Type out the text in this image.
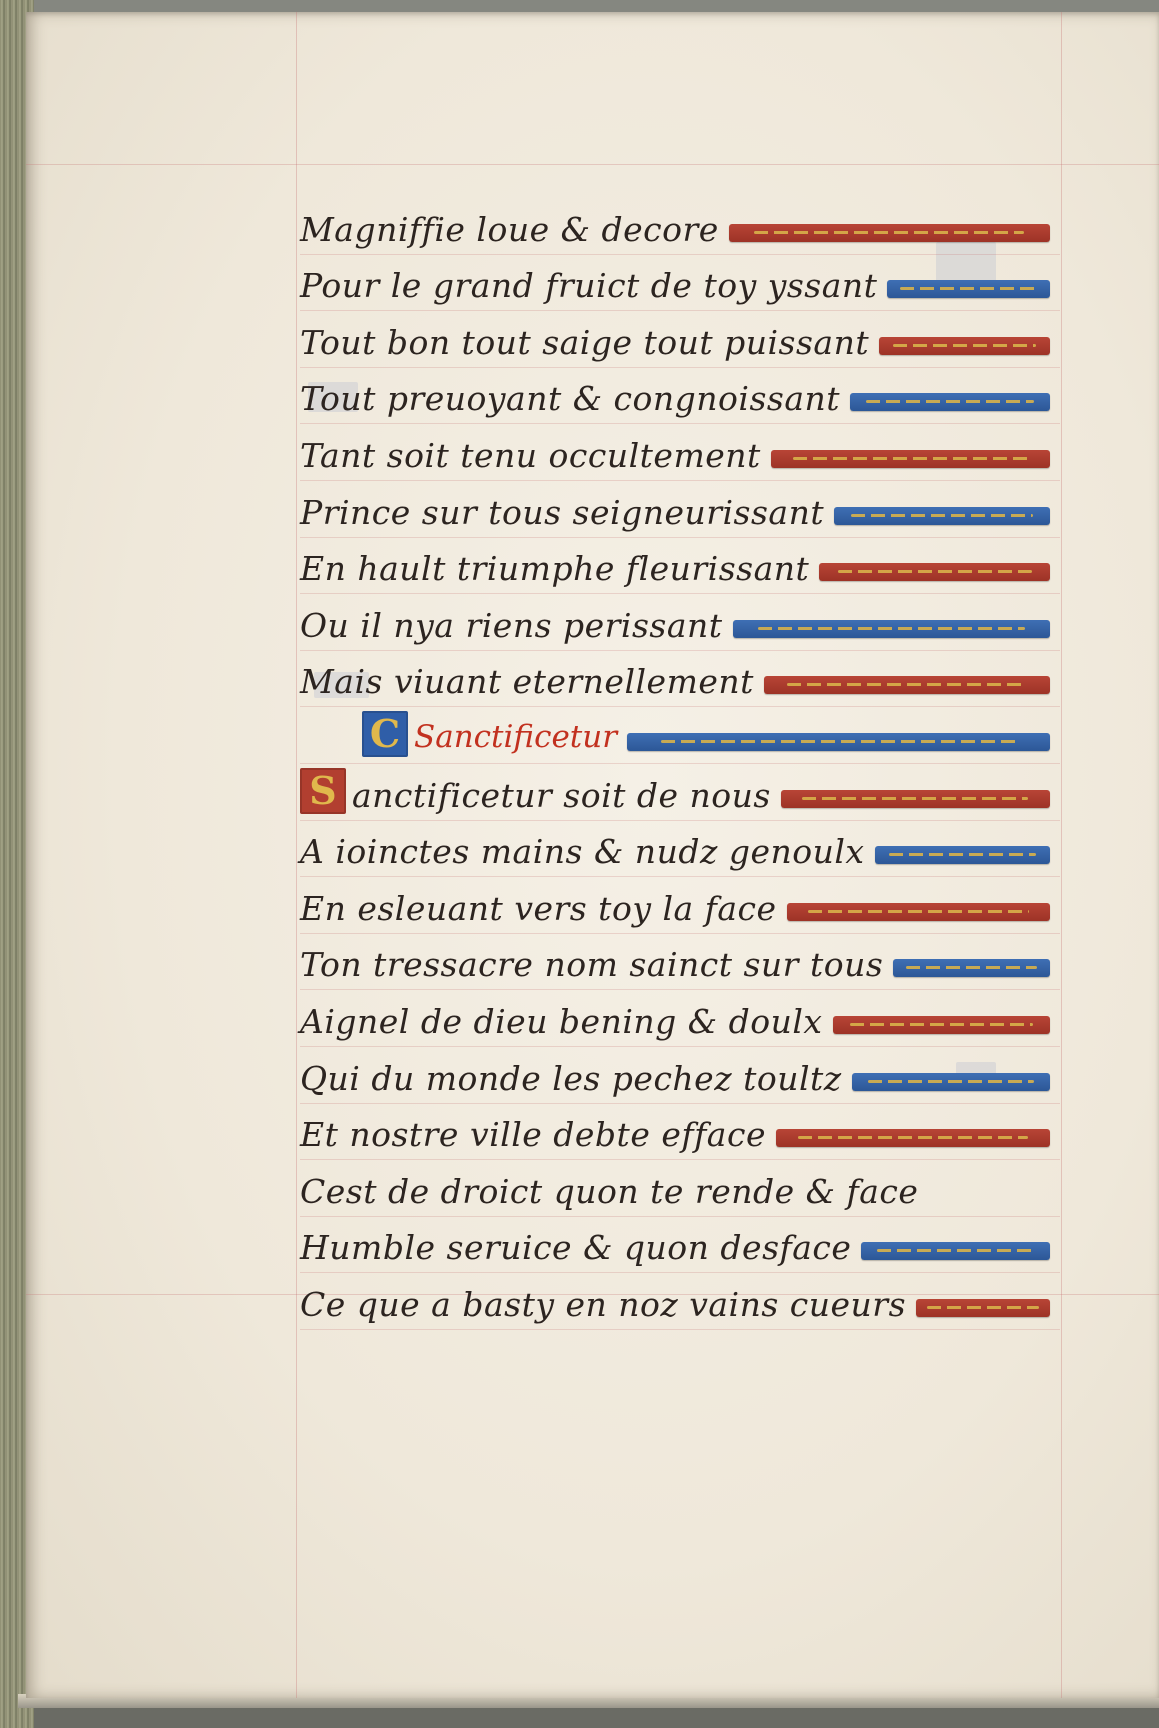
Magniffie loue & decore
Pour le grand fruict de toy yssant
Tout bon tout saige tout puissant
Tout preuoyant & congnoissant
Tant soit tenu occultement
Prince sur tous seigneurissant
En hault triumphe fleurissant
Ou il nya riens perissant
Mais viuant eternellement
C Sanctificetur
S anctificetur soit de nous
A ioinctes mains & nudz genoulx
En esleuant vers toy la face
Ton tressacre nom sainct sur tous
Aignel de dieu bening & doulx
Qui du monde les pechez toultz
Et nostre ville debte efface
Cest de droict quon te rende & face
Humble seruice & quon desface
Ce que a basty en noz vains cueurs
